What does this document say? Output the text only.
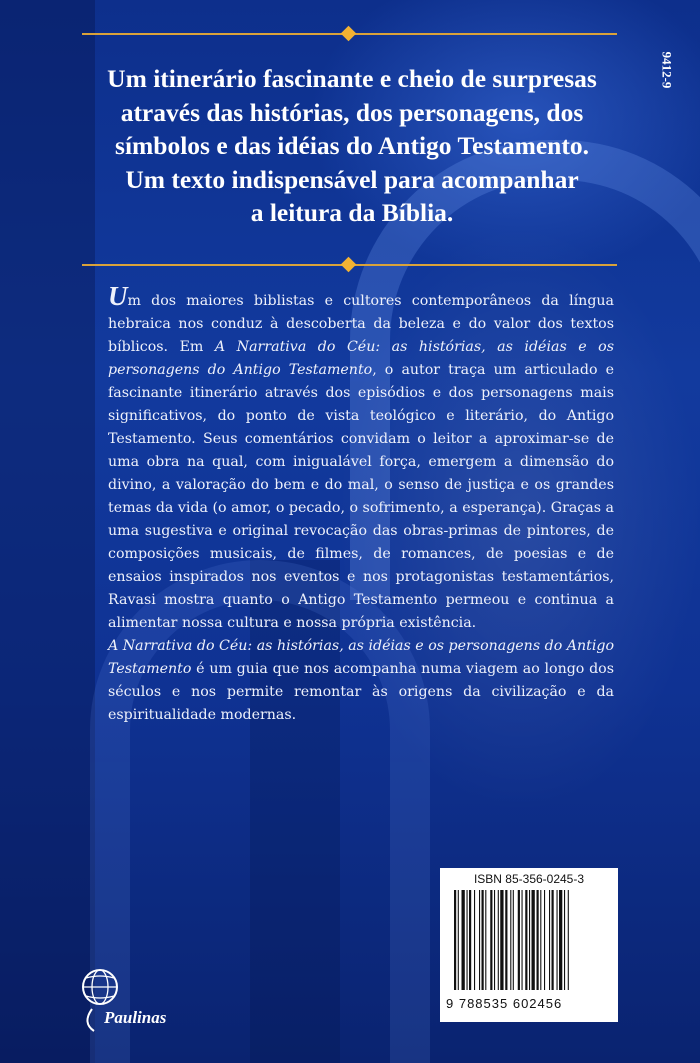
9412-9
Um itinerário fascinante e cheio de surpresas
através das histórias, dos personagens, dos
símbolos e das idéias do Antigo Testamento.
Um texto indispensável para acompanhar
a leitura da Bíblia.

Um dos maiores biblistas e cultores contemporâneos da língua hebraica nos conduz à descoberta da beleza e do valor dos textos bíblicos. Em A Narrativa do Céu: as histórias, as idéias e os personagens do Antigo Testamento, o autor traça um articulado e fascinante itinerário através dos episódios e dos personagens mais significativos, do ponto de vista teológico e literário, do Antigo Testamento. Seus comentários convidam o leitor a aproximar-se de uma obra na qual, com inigualável força, emergem a dimensão do divino, a valoração do bem e do mal, o senso de justiça e os grandes temas da vida (o amor, o pecado, o sofrimento, a esperança). Graças a uma sugestiva e original revocação das obras-primas de pintores, de composições musicais, de filmes, de romances, de poesias e de ensaios inspirados nos eventos e nos protagonistas testamentários, Ravasi mostra quanto o Antigo Testamento permeou e continua a alimentar nossa cultura e nossa própria existência.

A Narrativa do Céu: as histórias, as idéias e os personagens do Antigo Testamento é um guia que nos acompanha numa viagem ao longo dos séculos e nos permite remontar às origens da civilização e da espiritualidade modernas.

ISBN 85-356-0245-3
9 788535 602456
Paulinas
